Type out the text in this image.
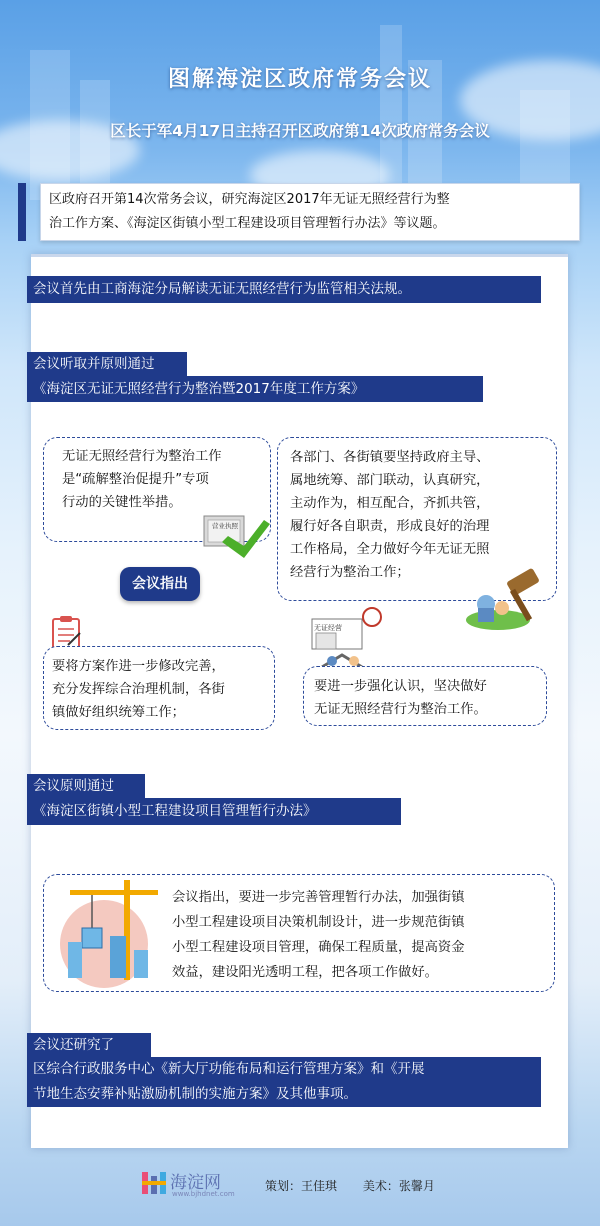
图解海淀区政府常务会议
区长于军4月17日主持召开区政府第14次政府常务会议
区政府召开第14次常务会议，研究海淀区2017年无证无照经营行为整
治工作方案、《海淀区街镇小型工程建设项目管理暂行办法》等议题。
会议首先由工商海淀分局解读无证无照经营行为监管相关法规。
会议听取并原则通过
《海淀区无证无照经营行为整治暨2017年度工作方案》
无证无照经营行为整治工作
是“疏解整治促提升”专项
行动的关键性举措。
营业执照
各部门、各街镇要坚持政府主导、
属地统筹、部门联动，认真研究，
主动作为，相互配合，齐抓共管，
履行好各自职责，形成良好的治理
工作格局，全力做好今年无证无照
经营行为整治工作；
会议指出
要将方案作进一步修改完善，
充分发挥综合治理机制，各街
镇做好组织统筹工作；
无证经营
要进一步强化认识，坚决做好
无证无照经营行为整治工作。
会议原则通过
《海淀区街镇小型工程建设项目管理暂行办法》
会议指出，要进一步完善管理暂行办法，加强街镇
小型工程建设项目决策机制设计，进一步规范街镇
小型工程建设项目管理，确保工程质量，提高资金
效益，建设阳光透明工程，把各项工作做好。
会议还研究了
区综合行政服务中心《新大厅功能布局和运行管理方案》和《开展
节地生态安葬补贴激励机制的实施方案》及其他事项。
海淀网
www.bjhdnet.com
策划：王佳琪 美术：张馨月
